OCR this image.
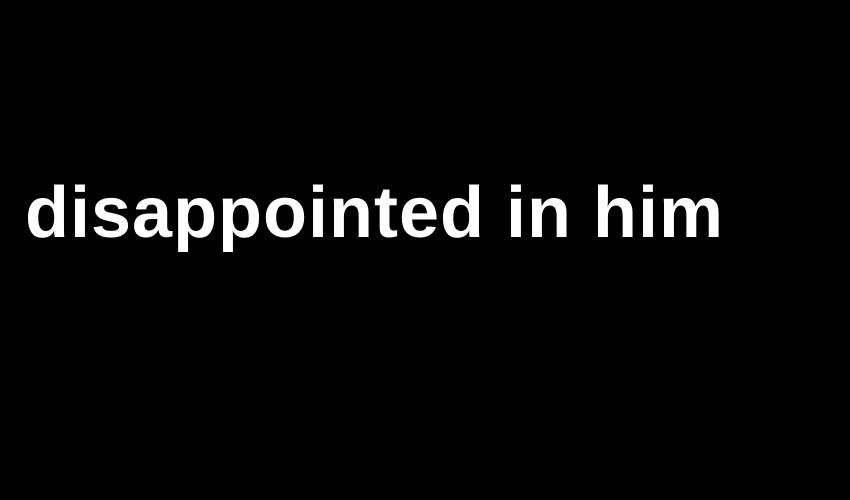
disappointed in him
